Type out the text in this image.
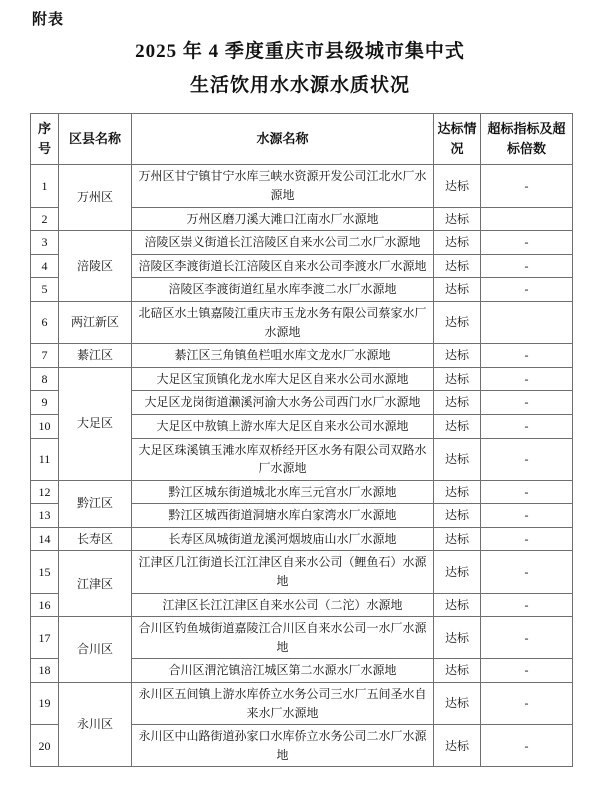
附表
2025 年 4 季度重庆市县级城市集中式
生活饮用水水源水质状况
序号	区县名称	水源名称	达标情况	超标指标及超标倍数
1	万州区	万州区甘宁镇甘宁水库三峡水资源开发公司江北水厂水源地	达标	-
2		万州区磨刀溪大滩口江南水厂水源地	达标	
3	涪陵区	涪陵区崇义街道长江涪陵区自来水公司二水厂水源地	达标	-
4		涪陵区李渡街道长江涪陵区自来水公司李渡水厂水源地	达标	-
5		涪陵区李渡街道红星水库李渡二水厂水源地	达标	-
6	两江新区	北碚区水土镇嘉陵江重庆市玉龙水务有限公司蔡家水厂水源地	达标	
7	綦江区	綦江区三角镇鱼栏咀水库文龙水厂水源地	达标	-
8	大足区	大足区宝顶镇化龙水库大足区自来水公司水源地	达标	-
9		大足区龙岗街道濑溪河渝大水务公司西门水厂水源地	达标	-
10		大足区中敖镇上游水库大足区自来水公司水源地	达标	-
11		大足区珠溪镇玉滩水库双桥经开区水务有限公司双路水厂水源地	达标	-
12	黔江区	黔江区城东街道城北水库三元宫水厂水源地	达标	-
13		黔江区城西街道洞塘水库白家湾水厂水源地	达标	-
14	长寿区	长寿区凤城街道龙溪河烟坡庙山水厂水源地	达标	-
15	江津区	江津区几江街道长江江津区自来水公司（鲤鱼石）水源地	达标	-
16		江津区长江江津区自来水公司（二沱）水源地	达标	-
17	合川区	合川区钓鱼城街道嘉陵江合川区自来水公司一水厂水源地	达标	-
18		合川区渭沱镇涪江城区第二水源水厂水源地	达标	-
19	永川区	永川区五间镇上游水库侨立水务公司三水厂五间圣水自来水厂水源地	达标	-
20		永川区中山路街道孙家口水库侨立水务公司二水厂水源地	达标	-
